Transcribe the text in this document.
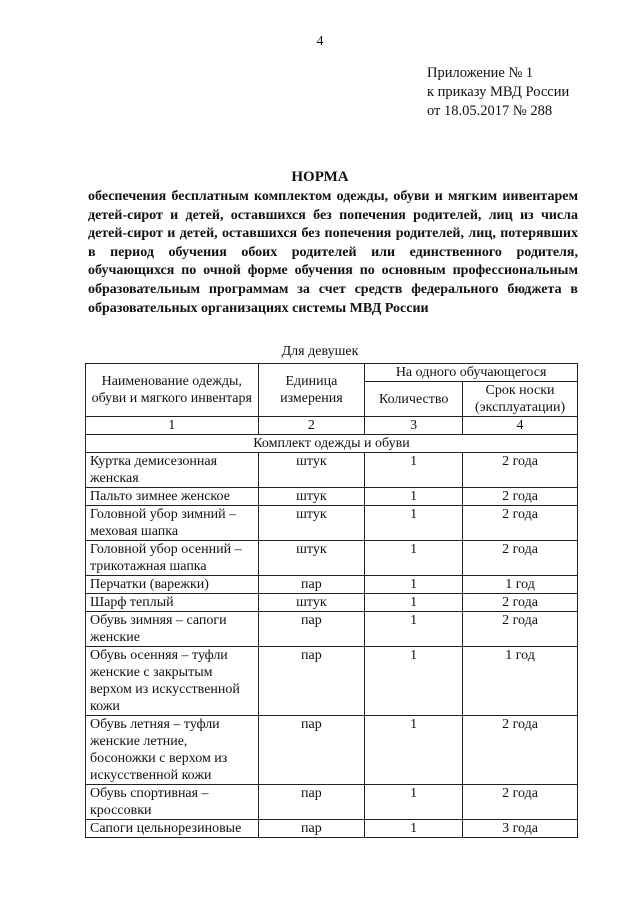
4
Приложение № 1
к приказу МВД России
от 18.05.2017 № 288
НОРМА
обеспечения бесплатным комплектом одежды, обуви и мягким инвентарем детей-сирот и детей, оставшихся без попечения родителей, лиц из числа детей-сирот и детей, оставшихся без попечения родителей, лиц, потерявших в период обучения обоих родителей или единственного родителя, обучающихся по очной форме обучения по основным профессиональным образовательным программам за счет средств федерального бюджета в образовательных организациях системы МВД России
Для девушек
Наименование одежды, обуви и мягкого инвентаря	Единица измерения	На одного обучающегося	
		Количество	Срок носки (эксплуатации)
1	2	3	4
Комплект одежды и обуви			
Куртка демисезонная женская	штук	1	2 года
Пальто зимнее женское	штук	1	2 года
Головной убор зимний – меховая шапка	штук	1	2 года
Головной убор осенний – трикотажная шапка	штук	1	2 года
Перчатки (варежки)	пар	1	1 год
Шарф теплый	штук	1	2 года
Обувь зимняя – сапоги женские	пар	1	2 года
Обувь осенняя – туфли женские с закрытым верхом из искусственной кожи	пар	1	1 год
Обувь летняя – туфли женские летние, босоножки с верхом из искусственной кожи	пар	1	2 года
Обувь спортивная – кроссовки	пар	1	2 года
Сапоги цельнорезиновые	пар	1	3 года
